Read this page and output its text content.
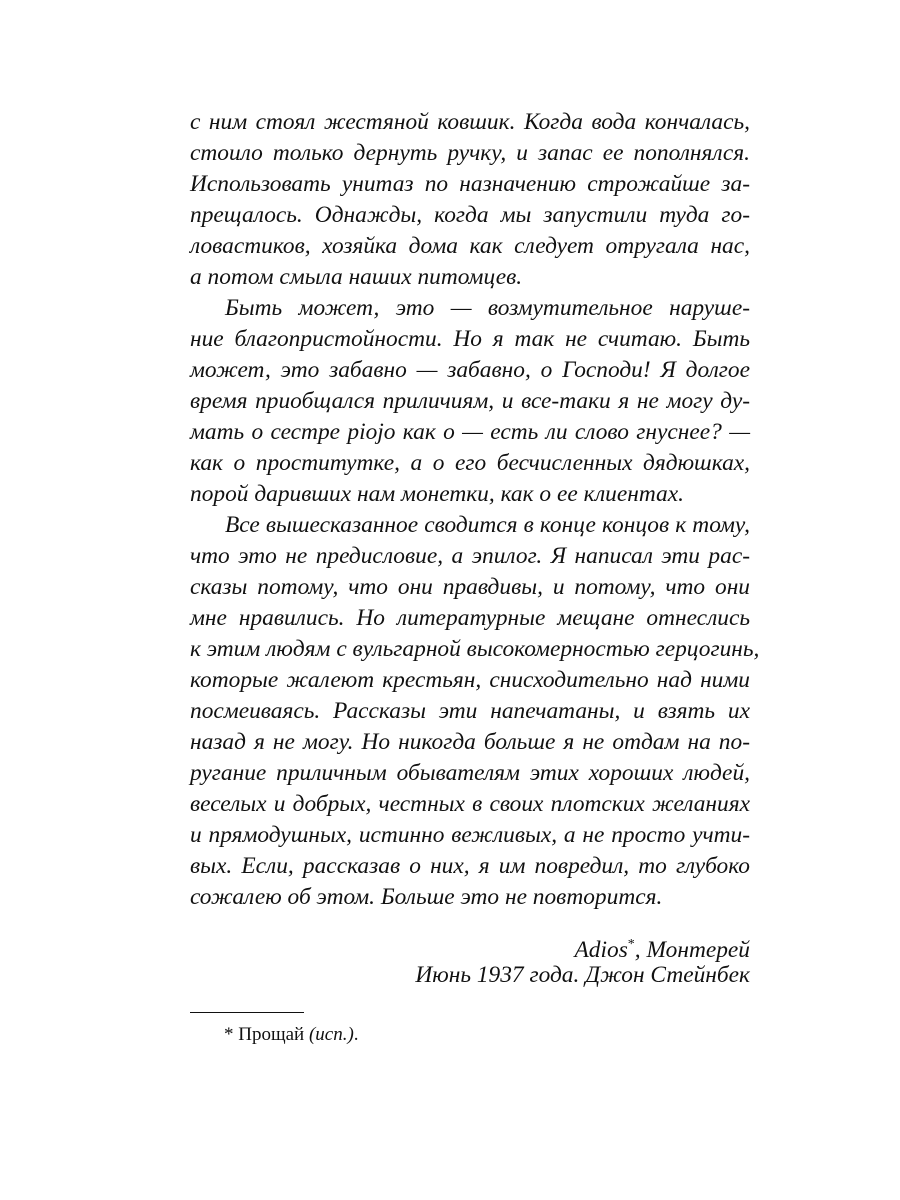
с ним стоял жестяной ковшик. Когда вода кончалась,
стоило только дернуть ручку, и запас ее пополнялся.
Использовать унитаз по назначению строжайше за-
прещалось. Однажды, когда мы запустили туда го-
ловастиков, хозяйка дома как следует отругала нас,
а потом смыла наших питомцев.
Быть может, это — возмутительное наруше-
ние благопристойности. Но я так не считаю. Быть
может, это забавно — забавно, о Господи! Я долгое
время приобщался приличиям, и все-таки я не могу ду-
мать о сестре pioјо как о — есть ли слово гнуснее? —
как о проститутке, а о его бесчисленных дядюшках,
порой даривших нам монетки, как о ее клиентах.
Все вышесказанное сводится в конце концов к тому,
что это не предисловие, а эпилог. Я написал эти рас-
сказы потому, что они правдивы, и потому, что они
мне нравились. Но литературные мещане отнеслись
к этим людям с вульгарной высокомерностью герцогинь,
которые жалеют крестьян, снисходительно над ними
посмеиваясь. Рассказы эти напечатаны, и взять их
назад я не могу. Но никогда больше я не отдам на по-
ругание приличным обывателям этих хороших людей,
веселых и добрых, честных в своих плотских желаниях
и прямодушных, истинно вежливых, а не просто учти-
вых. Если, рассказав о них, я им повредил, то глубоко
сожалею об этом. Больше это не повторится.
Adios*, Монтерей
Июнь 1937 года. Джон Стейнбек
* Прощай (исп.).
